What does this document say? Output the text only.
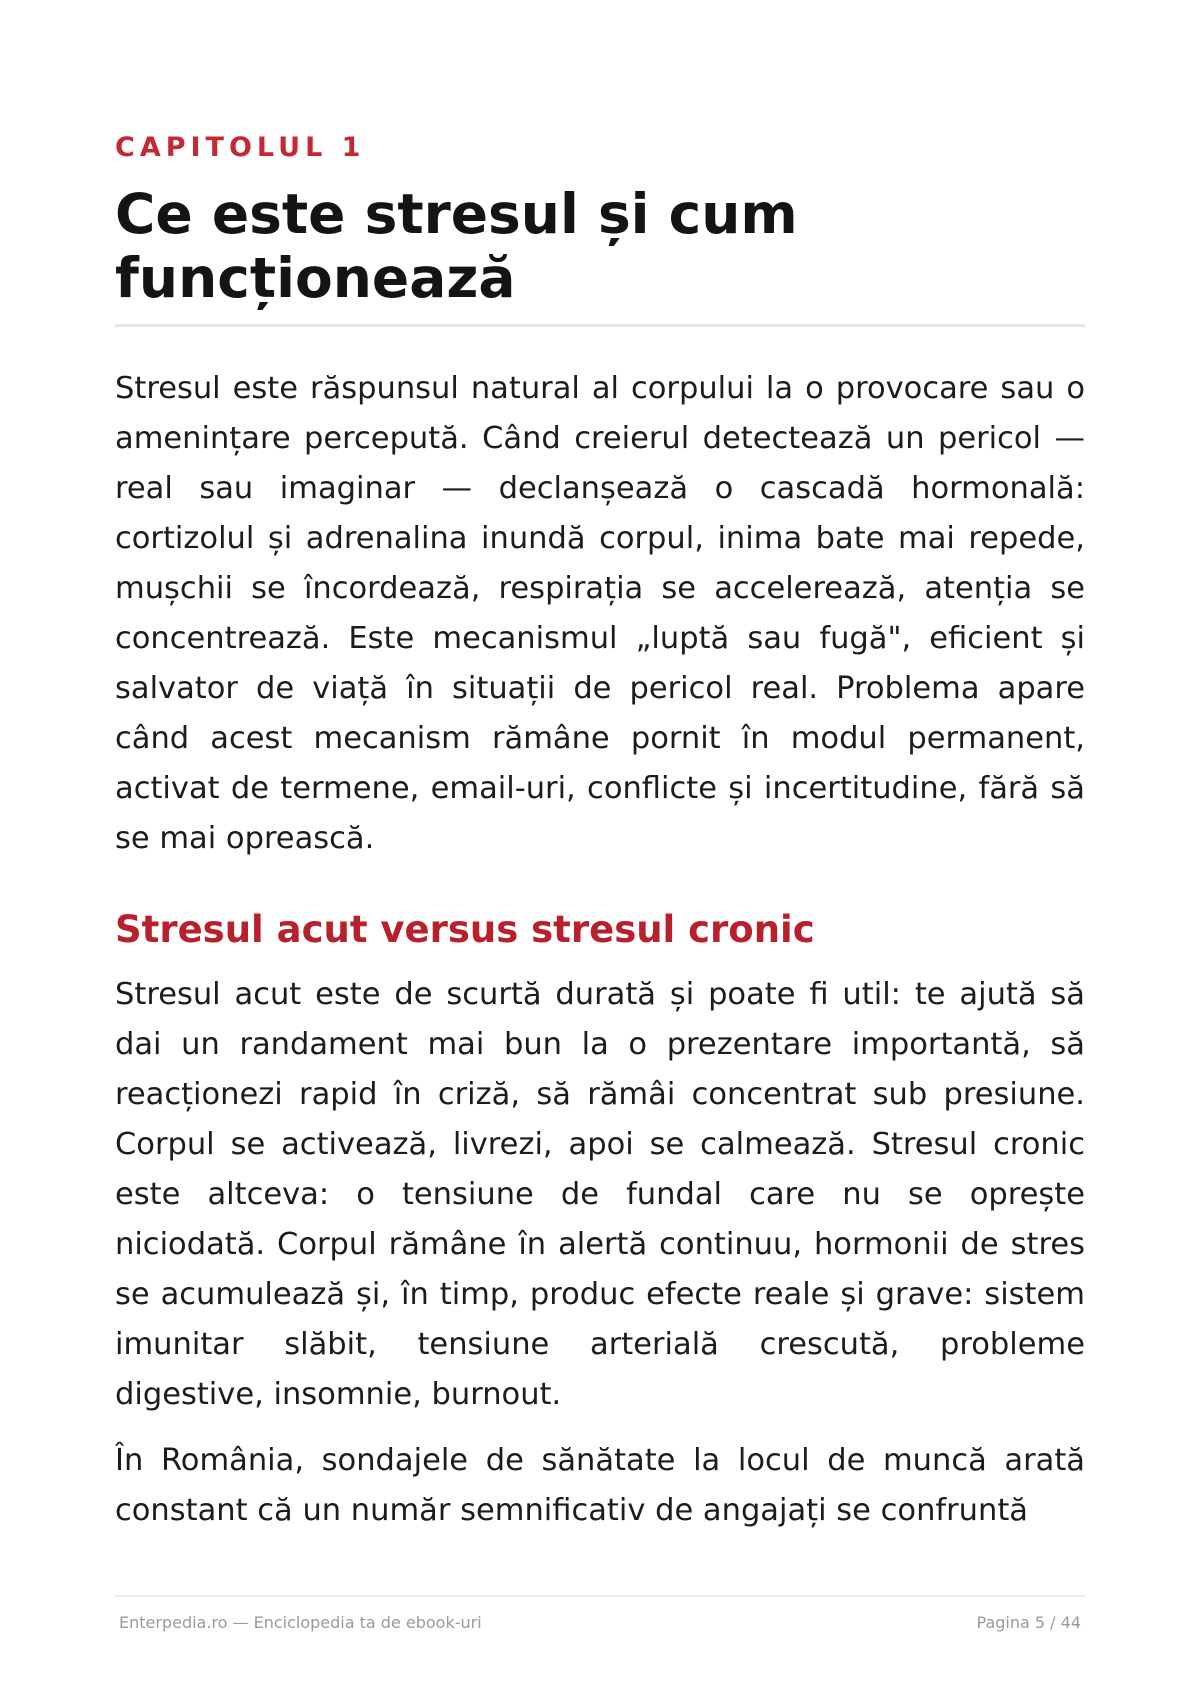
CAPITOLUL 1
Ce este stresul și cum funcționează

Stresul este răspunsul natural al corpului la o provocare sau o amenințare percepută. Când creierul detectează un pericol — real sau imaginar — declanșează o cascadă hormonală: cortizolul și adrenalina inundă corpul, inima bate mai repede, mușchii se încordează, respirația se accelerează, atenția se concentrează. Este mecanismul „luptă sau fugă", eficient și salvator de viață în situații de pericol real. Problema apare când acest mecanism rămâne pornit în modul permanent, activat de termene, email-uri, conflicte și incertitudine, fără să se mai oprească.

Stresul acut versus stresul cronic

Stresul acut este de scurtă durată și poate fi util: te ajută să dai un randament mai bun la o prezentare importantă, să reacționezi rapid în criză, să rămâi concentrat sub presiune. Corpul se activează, livrezi, apoi se calmează. Stresul cronic este altceva: o tensiune de fundal care nu se oprește niciodată. Corpul rămâne în alertă continuu, hormonii de stres se acumulează și, în timp, produc efecte reale și grave: sistem imunitar slăbit, tensiune arterială crescută, probleme digestive, insomnie, burnout.

În România, sondajele de sănătate la locul de muncă arată constant că un număr semnificativ de angajați se confruntă

Enterpedia.ro — Enciclopedia ta de ebook-uri	Pagina 5 / 44
